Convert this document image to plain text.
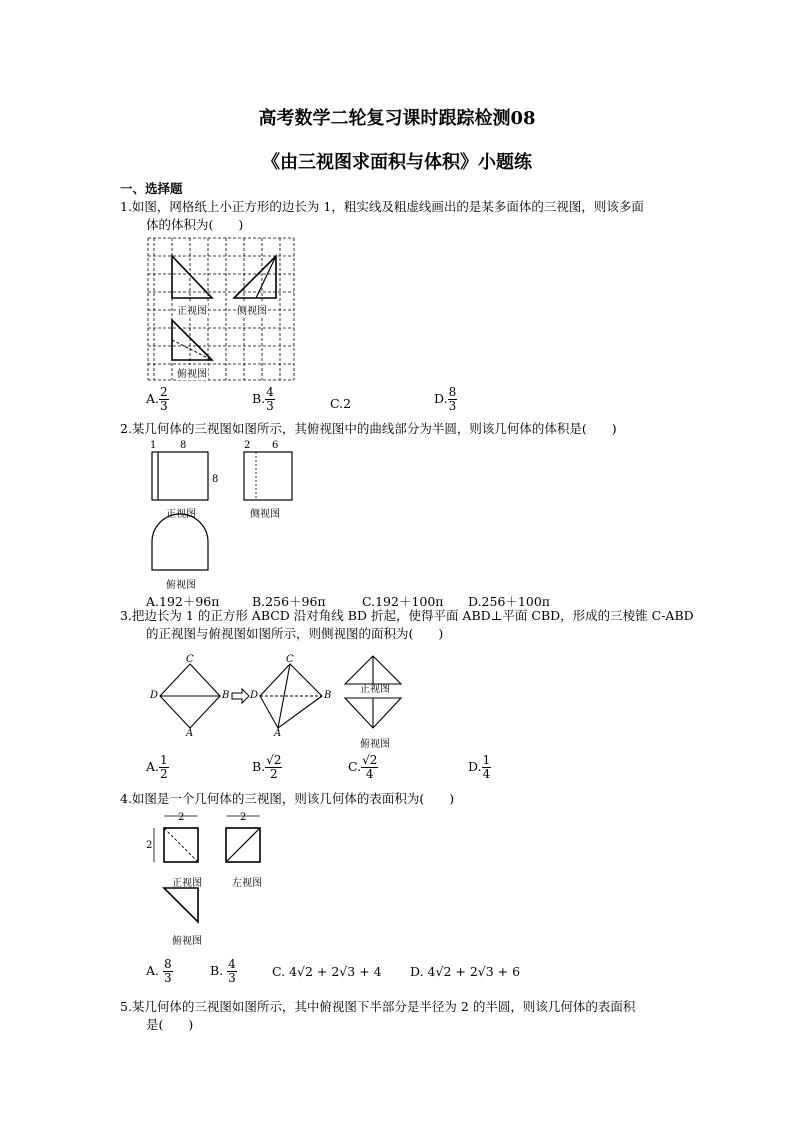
高考数学二轮复习课时跟踪检测08
《由三视图求面积与体积》小题练
一、选择题
1.如图，网格纸上小正方形的边长为 1，粗实线及粗虚线画出的是某多面体的三视图，则该多面
体的体积为(　　)
正视图	侧视图
俯视图
A. $\frac{2}{3}$	B. $\frac{4}{3}$	C.2	D. $\frac{8}{3}$
2.某几何体的三视图如图所示，其俯视图中的曲线部分为半圆，则该几何体的体积是(　　)
1 8
8
2 6
正视图	侧视图
俯视图
A.192＋96π	B.256＋96π	C.192＋100π D.256＋100π
3.把边长为 1 的正方形 ABCD 沿对角线 BD 折起，使得平面 ABD⊥平面 CBD，形成的三棱锥 C-ABD
的正视图与俯视图如图所示，则侧视图的面积为(　　)
C
D	B
A
C
D	B
A
正视图
俯视图
A. $\frac{1}{2}$	B. $\frac{√2}{2}$	C. $\frac{√2}{4}$	D. $\frac{1}{4}$
4.如图是一个几何体的三视图，则该几何体的表面积为(　　)
2	2
2
正视图	左视图
俯视图
A. $\frac{8}{3}$	B. $\frac{4}{3}$	C. 4√2 + 2√3 + 4 D. 4√2 + 2√3 + 6
5.某几何体的三视图如图所示，其中俯视图下半部分是半径为 2 的半圆，则该几何体的表面积
是(　　)
